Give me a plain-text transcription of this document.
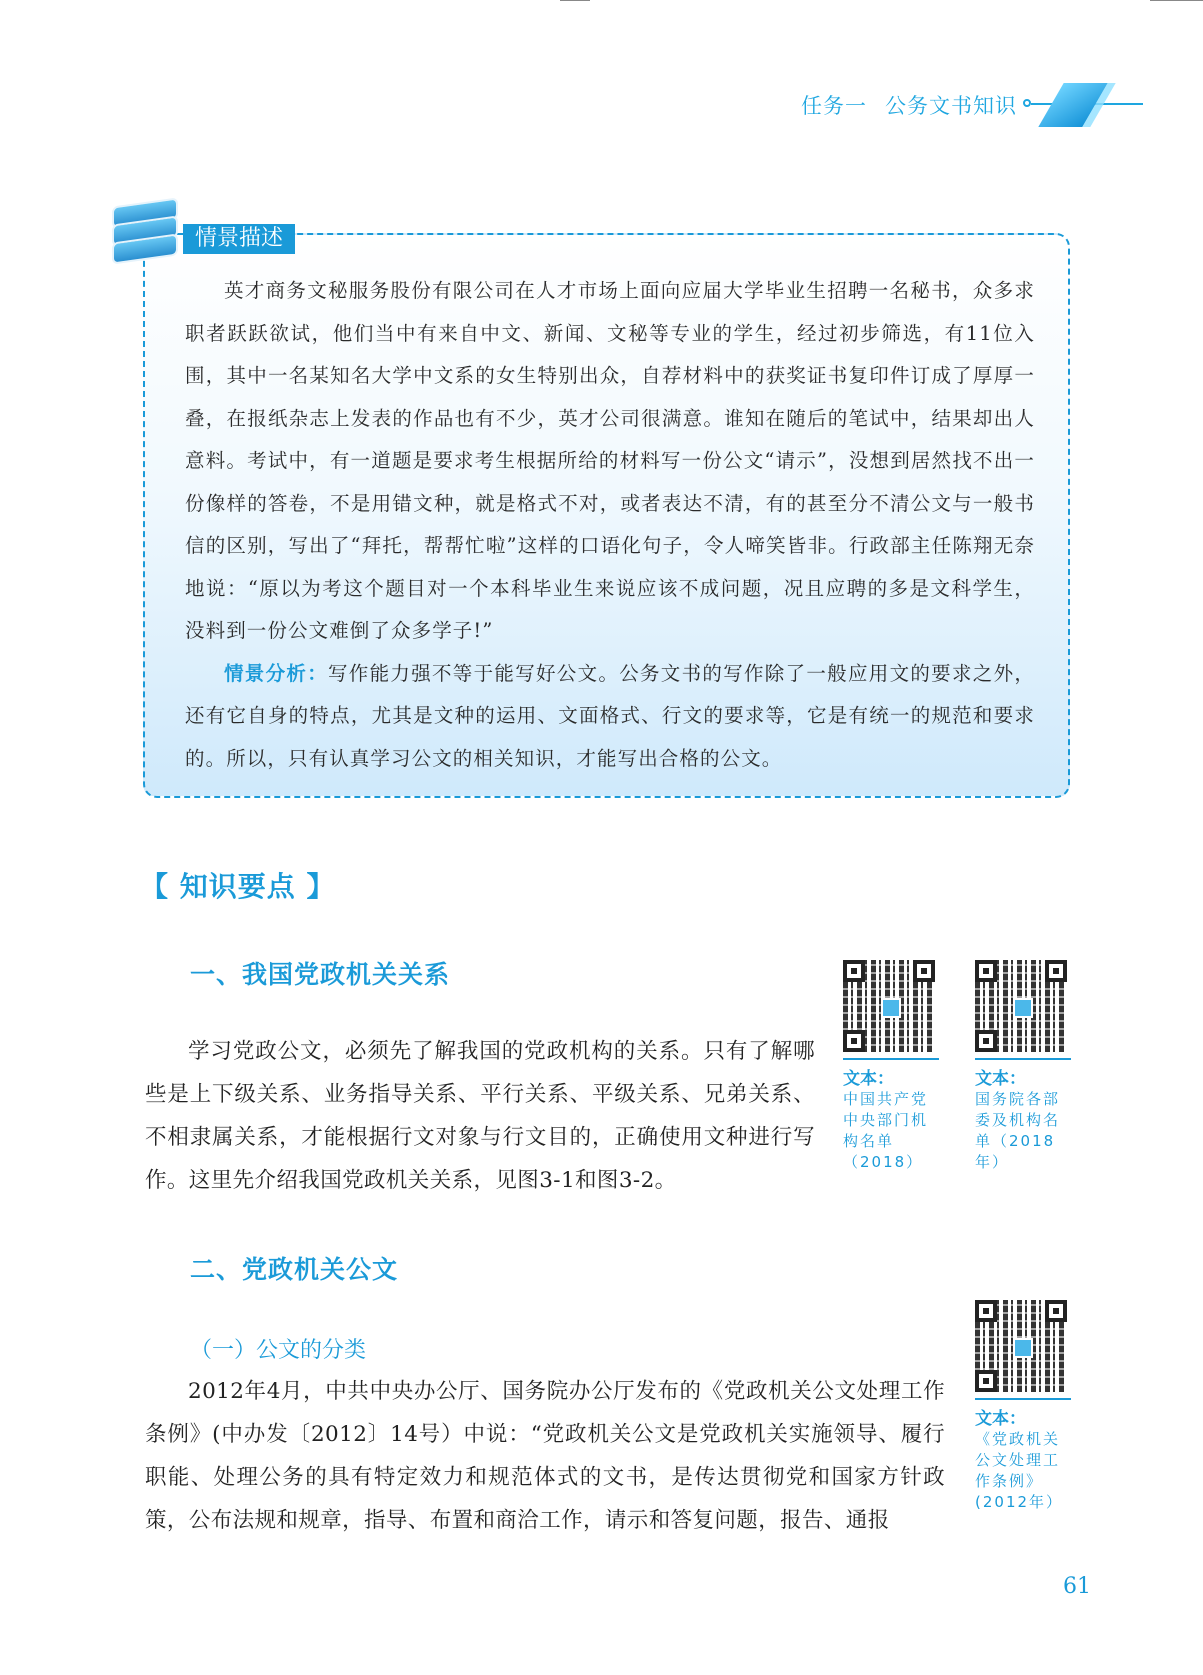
任务一 公务文书知识
情景描述

英才商务文秘服务股份有限公司在人才市场上面向应届大学毕业生招聘一名秘书，众多求职者跃跃欲试，他们当中有来自中文、新闻、文秘等专业的学生，经过初步筛选，有11位入围，其中一名某知名大学中文系的女生特别出众，自荐材料中的获奖证书复印件订成了厚厚一叠，在报纸杂志上发表的作品也有不少，英才公司很满意。谁知在随后的笔试中，结果却出人意料。考试中，有一道题是要求考生根据所给的材料写一份公文“请示”，没想到居然找不出一份像样的答卷，不是用错文种，就是格式不对，或者表达不清，有的甚至分不清公文与一般书信的区别，写出了“拜托，帮帮忙啦”这样的口语化句子，令人啼笑皆非。行政部主任陈翔无奈地说：“原以为考这个题目对一个本科毕业生来说应该不成问题，况且应聘的多是文科学生，没料到一份公文难倒了众多学子!”

情景分析：写作能力强不等于能写好公文。公务文书的写作除了一般应用文的要求之外，还有它自身的特点，尤其是文种的运用、文面格式、行文的要求等，它是有统一的规范和要求的。所以，只有认真学习公文的相关知识，才能写出合格的公文。

【 知识要点 】
一、我国党政机关关系

学习党政公文，必须先了解我国的党政机构的关系。只有了解哪些是上下级关系、业务指导关系、平行关系、平级关系、兄弟关系、不相隶属关系，才能根据行文对象与行文目的，正确使用文种进行写作。这里先介绍我国党政机关关系，见图3-1和图3-2。

二、党政机关公文
（一）公文的分类

2012年4月，中共中央办公厅、国务院办公厅发布的《党政机关公文处理工作条例》(中办发〔2012〕14号）中说：“党政机关公文是党政机关实施领导、履行职能、处理公务的具有特定效力和规范体式的文书，是传达贯彻党和国家方针政策，公布法规和规章，指导、布置和商洽工作，请示和答复问题，报告、通报

文本：
中国共产党中央部门机构名单（2018）
文本：
国务院各部委及机构名单（2018年）
文本：
《党政机关公文处理工作条例》(2012年）
61
